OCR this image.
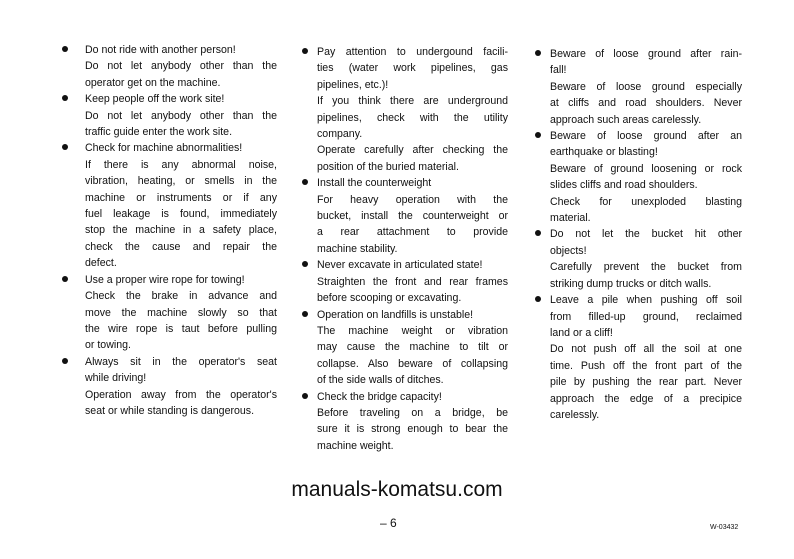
Do not ride with another person!
Do not let anybody other than the
operator get on the machine.
Keep people off the work site!
Do not let anybody other than the
traffic guide enter the work site.
Check for machine abnormalities!
If there is any abnormal noise,
vibration, heating, or smells in the
machine or instruments or if any
fuel leakage is found, immediately
stop the machine in a safety place,
check the cause and repair the
defect.
Use a proper wire rope for towing!
Check the brake in advance and
move the machine slowly so that
the wire rope is taut before pulling
or towing.
Always sit in the operator's seat
while driving!
Operation away from the operator's
seat or while standing is dangerous.
Pay attention to undergound facili-
ties (water work pipelines, gas
pipelines, etc.)!
If you think there are underground
pipelines, check with the utility
company.
Operate carefully after checking the
position of the buried material.
Install the counterweight
For heavy operation with the
bucket, install the counterweight or
a rear attachment to provide
machine stability.
Never excavate in articulated state!
Straighten the front and rear frames
before scooping or excavating.
Operation on landfills is unstable!
The machine weight or vibration
may cause the machine to tilt or
collapse. Also beware of collapsing
of the side walls of ditches.
Check the bridge capacity!
Before traveling on a bridge, be
sure it is strong enough to bear the
machine weight.
Beware of loose ground after rain-
fall!
Beware of loose ground especially
at cliffs and road shoulders. Never
approach such areas carelessly.
Beware of loose ground after an
earthquake or blasting!
Beware of ground loosening or rock
slides cliffs and road shoulders.
Check for unexploded blasting
material.
Do not let the bucket hit other
objects!
Carefully prevent the bucket from
striking dump trucks or ditch walls.
Leave a pile when pushing off soil
from filled-up ground, reclaimed
land or a cliff!
Do not push off all the soil at one
time. Push off the front part of the
pile by pushing the rear part. Never
approach the edge of a precipice
carelessly.
manuals-komatsu.com
– 6	W-03432
